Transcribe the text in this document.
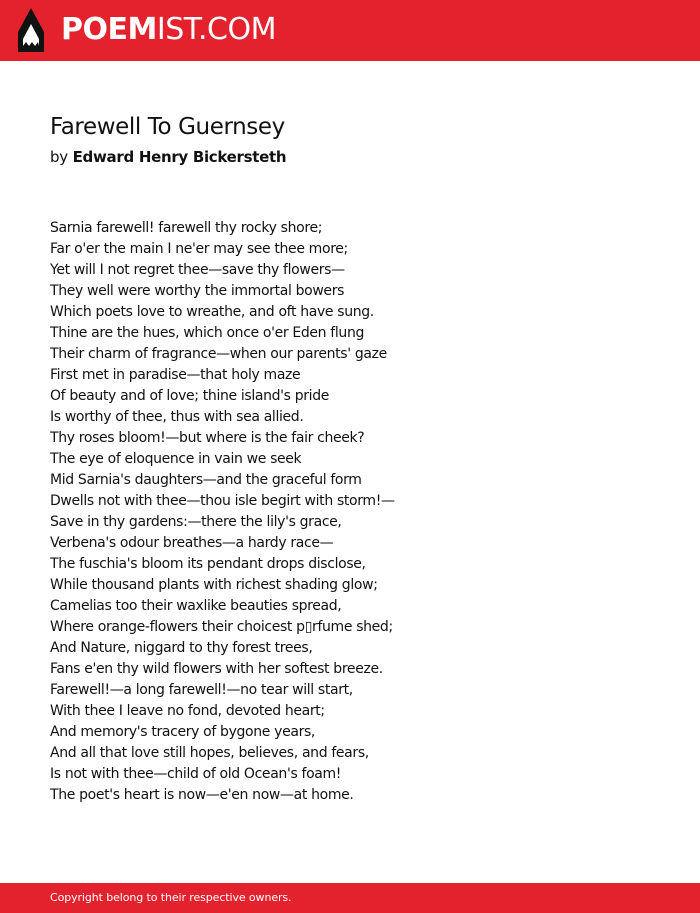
POEMIST.COM
Farewell To Guernsey
by Edward Henry Bickersteth
Sarnia farewell! farewell thy rocky shore;
Far o'er the main I ne'er may see thee more;
Yet will I not regret thee—save thy flowers—
They well were worthy the immortal bowers
Which poets love to wreathe, and oft have sung.
Thine are the hues, which once o'er Eden flung
Their charm of fragrance—when our parents' gaze
First met in paradise—that holy maze
Of beauty and of love; thine island's pride
Is worthy of thee, thus with sea allied.
Thy roses bloom!—but where is the fair cheek?
The eye of eloquence in vain we seek
Mid Sarnia's daughters—and the graceful form
Dwells not with thee—thou isle begirt with storm!—
Save in thy gardens:—there the lily's grace,
Verbena's odour breathes—a hardy race—
The fuschia's bloom its pendant drops disclose,
While thousand plants with richest shading glow;
Camelias too their waxlike beauties spread,
Where orange-flowers their choicest p▯rfume shed;
And Nature, niggard to thy forest trees,
Fans e'en thy wild flowers with her softest breeze.
Farewell!—a long farewell!—no tear will start,
With thee I leave no fond, devoted heart;
And memory's tracery of bygone years,
And all that love still hopes, believes, and fears,
Is not with thee—child of old Ocean's foam!
The poet's heart is now—e'en now—at home.
Copyright belong to their respective owners.
